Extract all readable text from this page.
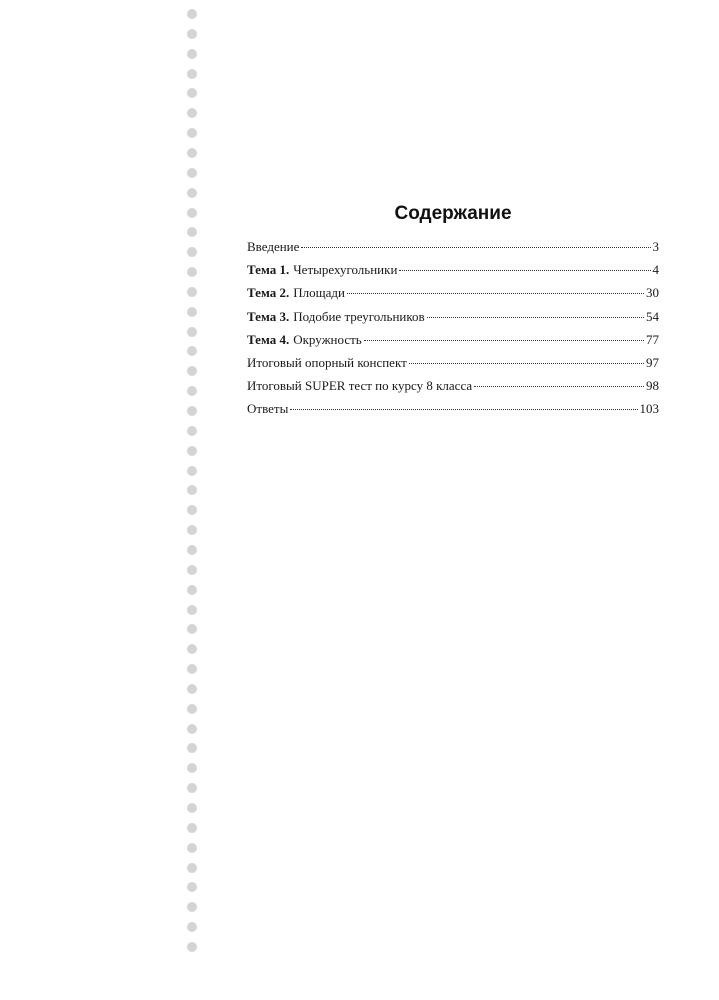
Содержание
Введение	3
Тема 1. Четырехугольники	4
Тема 2. Площади	30
Тема 3. Подобие треугольников	54
Тема 4. Окружность	77
Итоговый опорный конспект	97
Итоговый SUPER тест по курсу 8 класса	98
Ответы	103
